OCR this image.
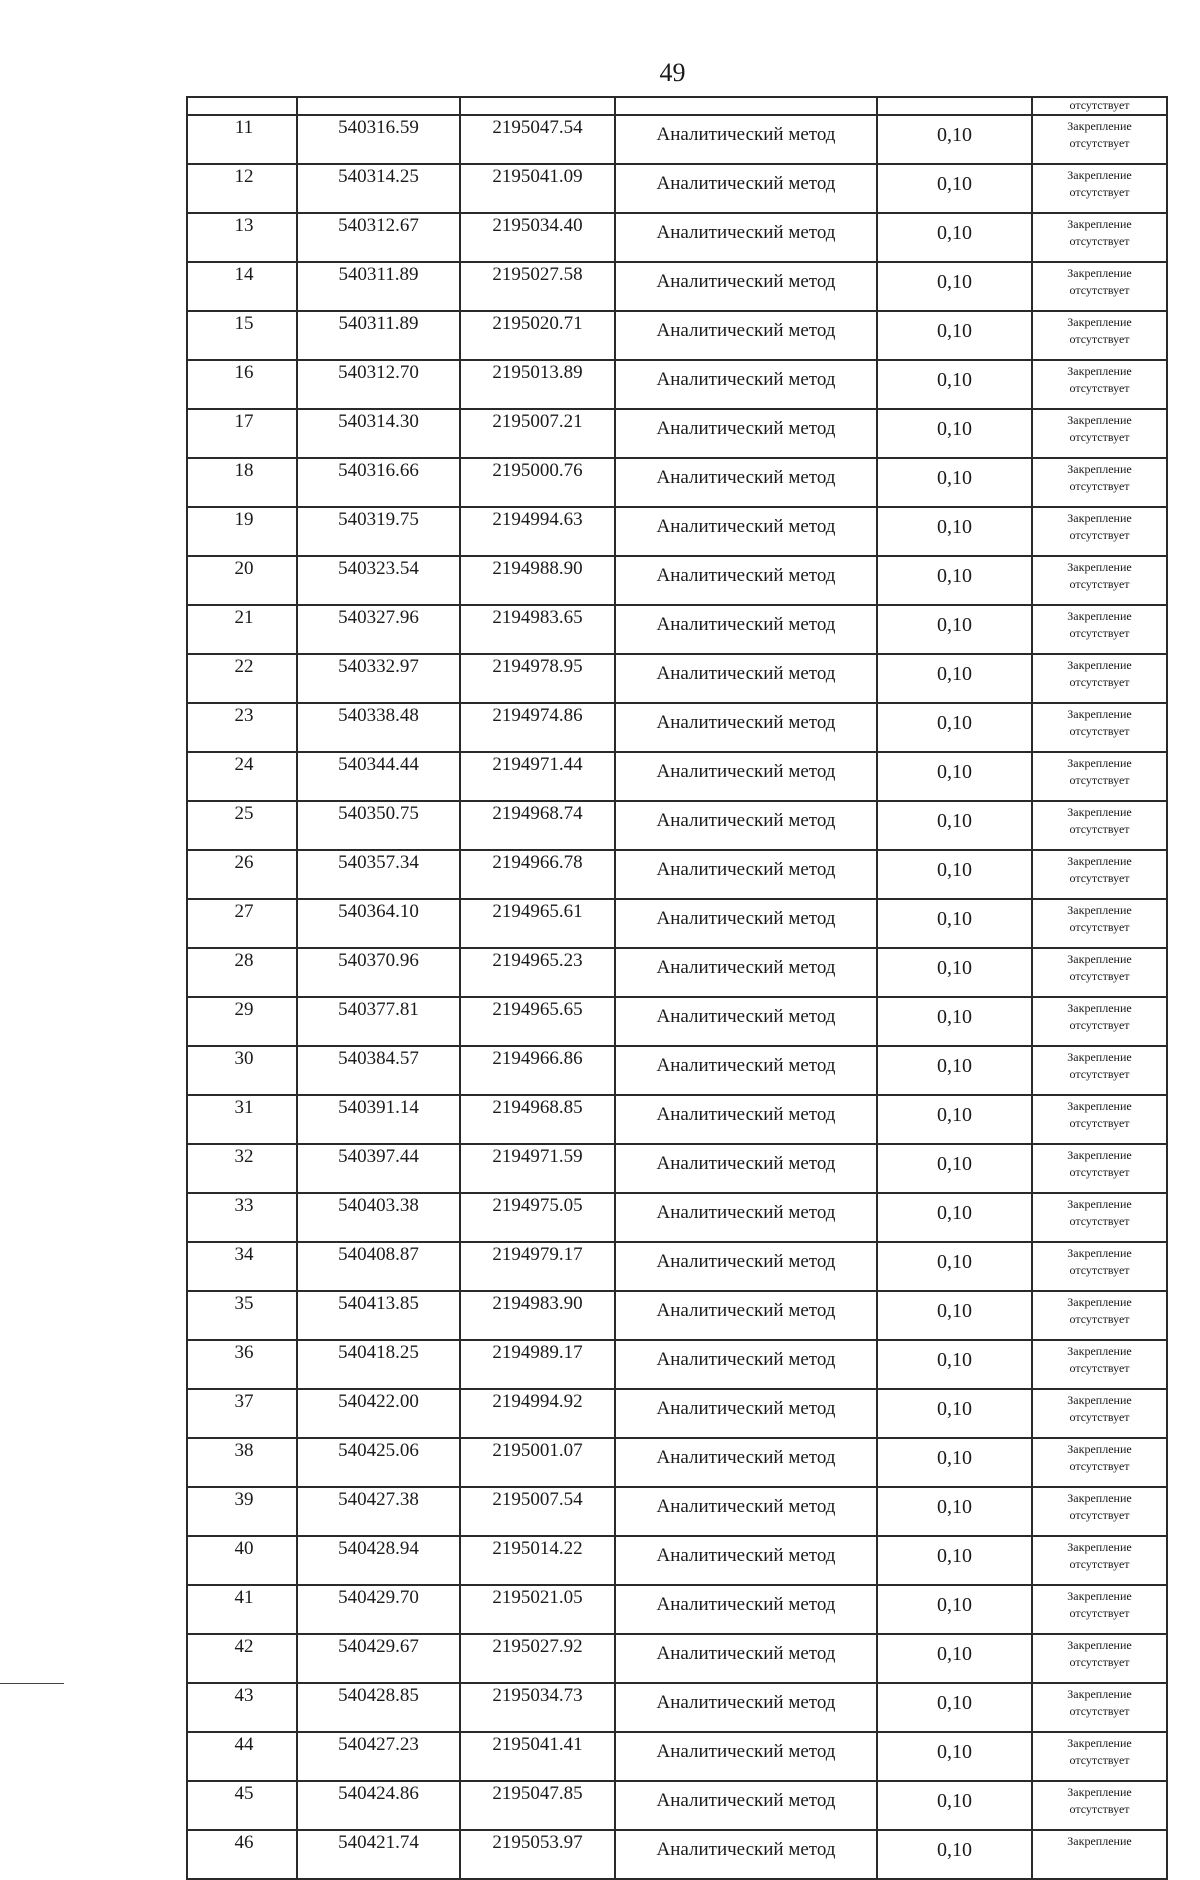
49
					отсутствует
11	540316.59	2195047.54	Аналитический метод	0,10	Закрепление
отсутствует

12	540314.25	2195041.09	Аналитический метод	0,10	Закрепление
отсутствует

13	540312.67	2195034.40	Аналитический метод	0,10	Закрепление
отсутствует

14	540311.89	2195027.58	Аналитический метод	0,10	Закрепление
отсутствует

15	540311.89	2195020.71	Аналитический метод	0,10	Закрепление
отсутствует

16	540312.70	2195013.89	Аналитический метод	0,10	Закрепление
отсутствует

17	540314.30	2195007.21	Аналитический метод	0,10	Закрепление
отсутствует

18	540316.66	2195000.76	Аналитический метод	0,10	Закрепление
отсутствует

19	540319.75	2194994.63	Аналитический метод	0,10	Закрепление
отсутствует

20	540323.54	2194988.90	Аналитический метод	0,10	Закрепление
отсутствует

21	540327.96	2194983.65	Аналитический метод	0,10	Закрепление
отсутствует

22	540332.97	2194978.95	Аналитический метод	0,10	Закрепление
отсутствует

23	540338.48	2194974.86	Аналитический метод	0,10	Закрепление
отсутствует

24	540344.44	2194971.44	Аналитический метод	0,10	Закрепление
отсутствует

25	540350.75	2194968.74	Аналитический метод	0,10	Закрепление
отсутствует

26	540357.34	2194966.78	Аналитический метод	0,10	Закрепление
отсутствует

27	540364.10	2194965.61	Аналитический метод	0,10	Закрепление
отсутствует

28	540370.96	2194965.23	Аналитический метод	0,10	Закрепление
отсутствует

29	540377.81	2194965.65	Аналитический метод	0,10	Закрепление
отсутствует

30	540384.57	2194966.86	Аналитический метод	0,10	Закрепление
отсутствует

31	540391.14	2194968.85	Аналитический метод	0,10	Закрепление
отсутствует

32	540397.44	2194971.59	Аналитический метод	0,10	Закрепление
отсутствует

33	540403.38	2194975.05	Аналитический метод	0,10	Закрепление
отсутствует

34	540408.87	2194979.17	Аналитический метод	0,10	Закрепление
отсутствует

35	540413.85	2194983.90	Аналитический метод	0,10	Закрепление
отсутствует

36	540418.25	2194989.17	Аналитический метод	0,10	Закрепление
отсутствует

37	540422.00	2194994.92	Аналитический метод	0,10	Закрепление
отсутствует

38	540425.06	2195001.07	Аналитический метод	0,10	Закрепление
отсутствует

39	540427.38	2195007.54	Аналитический метод	0,10	Закрепление
отсутствует

40	540428.94	2195014.22	Аналитический метод	0,10	Закрепление
отсутствует

41	540429.70	2195021.05	Аналитический метод	0,10	Закрепление
отсутствует

42	540429.67	2195027.92	Аналитический метод	0,10	Закрепление
отсутствует

43	540428.85	2195034.73	Аналитический метод	0,10	Закрепление
отсутствует

44	540427.23	2195041.41	Аналитический метод	0,10	Закрепление
отсутствует

45	540424.86	2195047.85	Аналитический метод	0,10	Закрепление
отсутствует

46	540421.74	2195053.97	Аналитический метод	0,10	Закрепление
